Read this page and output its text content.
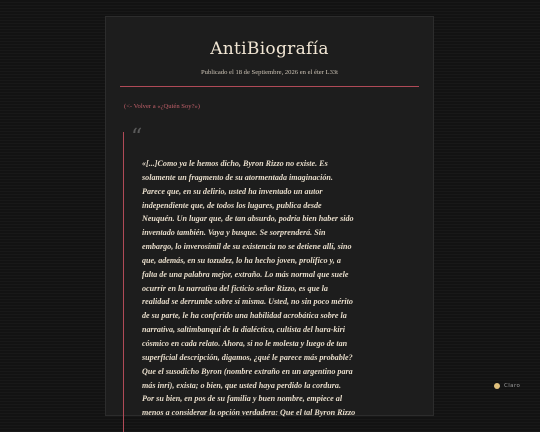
AntiBiografía
Publicado el 18 de Septiembre, 2026 en el éter L33t
(<- Volver a «¿Quién Soy?»)
“

«[...]Como ya le hemos dicho, Byron Rizzo no existe. Es
solamente un fragmento de su atormentada imaginación.
Parece que, en su delirio, usted ha inventado un autor
independiente que, de todos los lugares, publica desde
Neuquén. Un lugar que, de tan absurdo, podría bien haber sido
inventado también. Vaya y busque. Se sorprenderá. Sin
embargo, lo inverosímil de su existencia no se detiene allí, sino
que, además, en su tozudez, lo ha hecho joven, prolífico y, a
falta de una palabra mejor, extraño. Lo más normal que suele
ocurrir en la narrativa del ficticio señor Rizzo, es que la
realidad se derrumbe sobre sí misma. Usted, no sin poco mérito
de su parte, le ha conferido una habilidad acrobática sobre la
narrativa, saltimbanqui de la dialéctica, cultista del hara-kiri
cósmico en cada relato. Ahora, si no le molesta y luego de tan
superficial descripción, digamos, ¿qué le parece más probable?
Que el susodicho Byron (nombre extraño en un argentino para
más inri), exista; o bien, que usted haya perdido la cordura.
Por su bien, en pos de su familia y buen nombre, empiece al
menos a considerar la opción verdadera: Que el tal Byron Rizzo

Claro
